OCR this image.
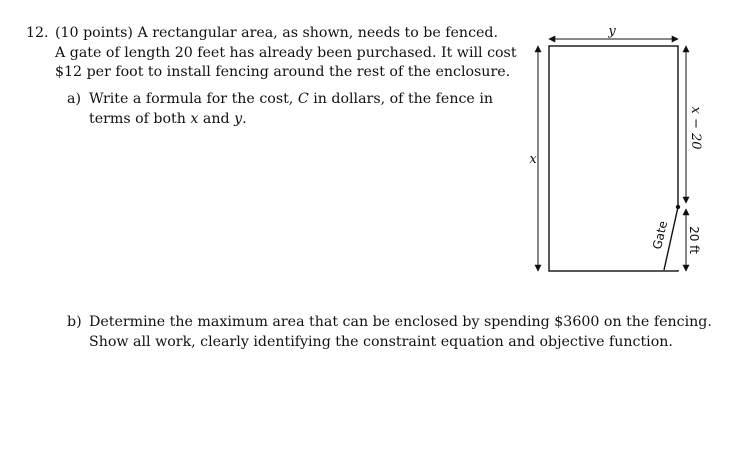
12. (10 points) A rectangular area, as shown, needs to be fenced.
A gate of length 20 feet has already been purchased. It will cost
$12 per foot to install fencing around the rest of the enclosure.
a) Write a formula for the cost, C in dollars, of the fence in
terms of both x and y.
b) Determine the maximum area that can be enclosed by spending $3600 on the fencing.
Show all work, clearly identifying the constraint equation and objective function.
y
x
x − 20
20 ft
Gate
